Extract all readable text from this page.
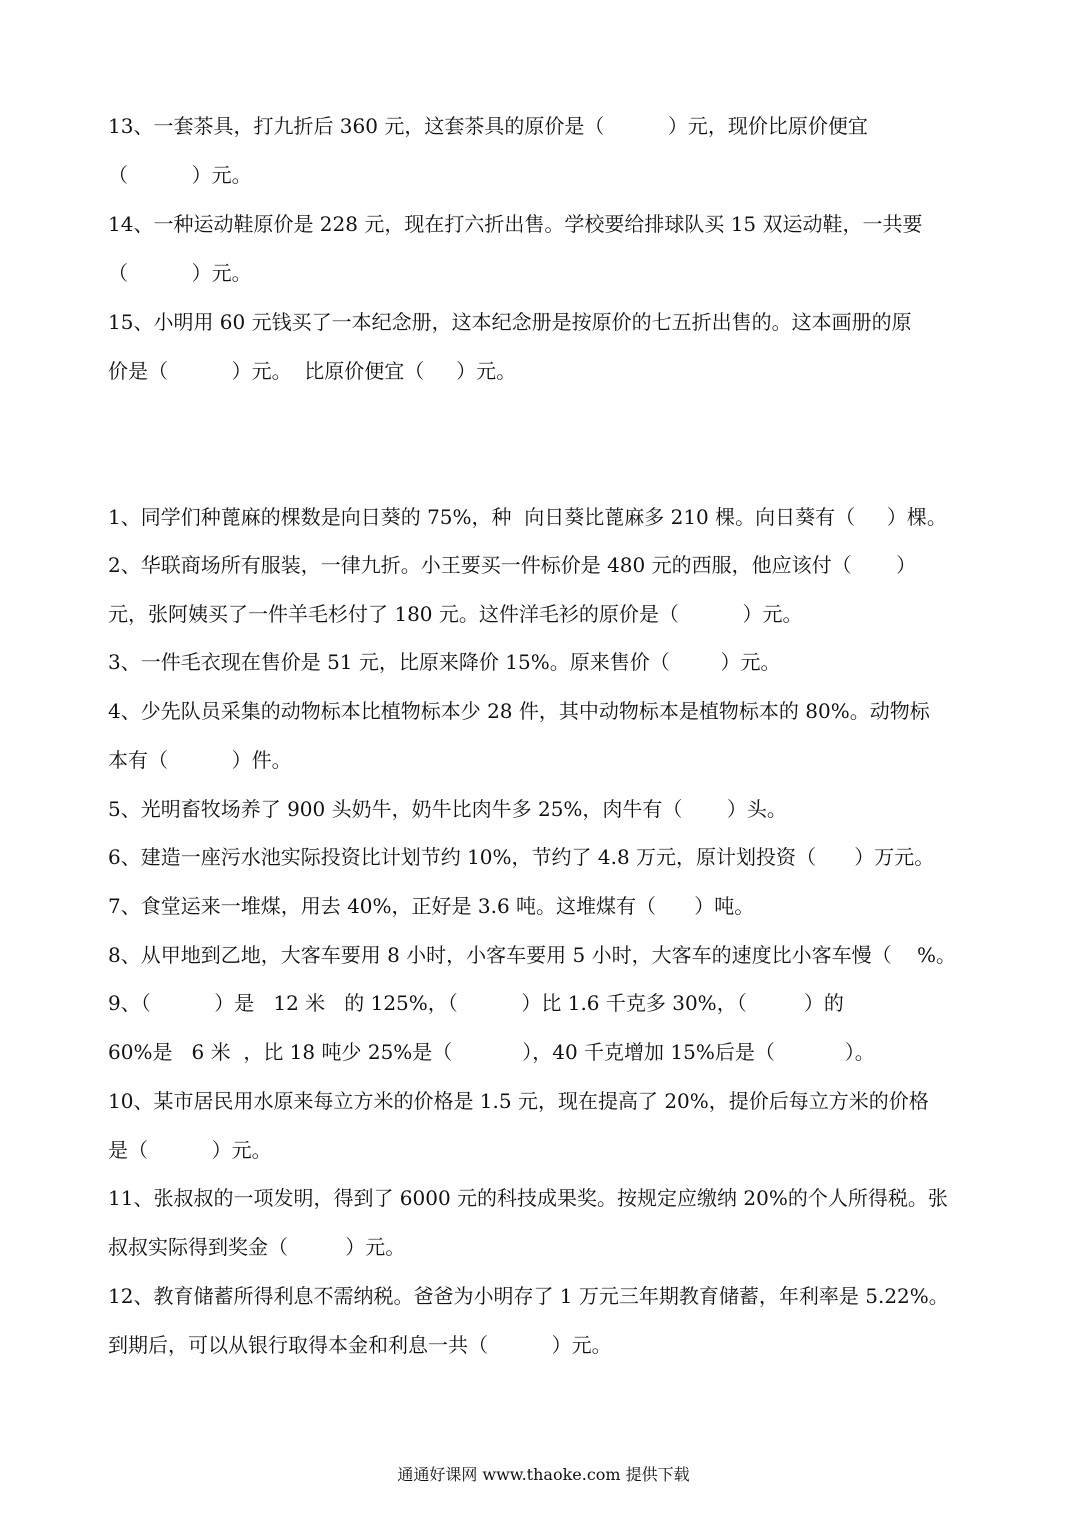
13、一套茶具，打九折后 360 元，这套茶具的原价是（          ）元，现价比原价便宜
（          ）元。
14、一种运动鞋原价是 228 元，现在打六折出售。学校要给排球队买 15 双运动鞋，一共要
（          ）元。
15、小明用 60 元钱买了一本纪念册，这本纪念册是按原价的七五折出售的。这本画册的原
价是（          ）元。  比原价便宜（     ）元。
1、同学们种蓖麻的棵数是向日葵的 75%，种  向日葵比蓖麻多 210 棵。向日葵有（     ）棵。
2、华联商场所有服装，一律九折。小王要买一件标价是 480 元的西服，他应该付（       ）
元，张阿姨买了一件羊毛杉付了 180 元。这件洋毛衫的原价是（          ）元。
3、一件毛衣现在售价是 51 元，比原来降价 15%。原来售价（        ）元。
4、少先队员采集的动物标本比植物标本少 28 件，其中动物标本是植物标本的 80%。动物标
本有（          ）件。
5、光明畜牧场养了 900 头奶牛，奶牛比肉牛多 25%，肉牛有（       ）头。
6、建造一座污水池实际投资比计划节约 10%，节约了 4.8 万元，原计划投资（      ）万元。
7、食堂运来一堆煤，用去 40%，正好是 3.6 吨。这堆煤有（      ）吨。
8、从甲地到乙地，大客车要用 8 小时，小客车要用 5 小时，大客车的速度比小客车慢（    %。
9、（          ）是   12 米   的 125%，（          ）比 1.6 千克多 30%，（         ）的
60%是   6 米  ，比 18 吨少 25%是（           ），40 千克增加 15%后是（           ）。
10、某市居民用水原来每立方米的价格是 1.5 元，现在提高了 20%，提价后每立方米的价格
是（          ）元。
11、张叔叔的一项发明，得到了 6000 元的科技成果奖。按规定应缴纳 20%的个人所得税。张
叔叔实际得到奖金（         ）元。
12、教育储蓄所得利息不需纳税。爸爸为小明存了 1 万元三年期教育储蓄，年利率是 5.22%。
到期后，可以从银行取得本金和利息一共（          ）元。
通通好课网 www.thaoke.com 提供下载
